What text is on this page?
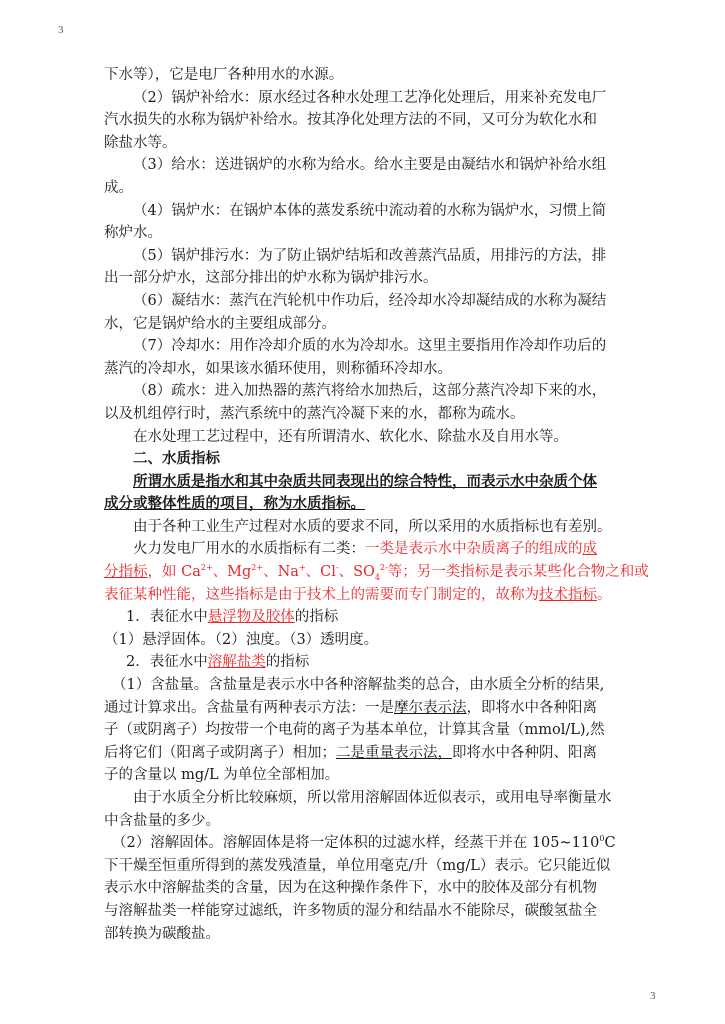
3
下水等），它是电厂各种用水的水源。
（2）锅炉补给水：原水经过各种水处理工艺净化处理后，用来补充发电厂
汽水损失的水称为锅炉补给水。按其净化处理方法的不同，又可分为软化水和
除盐水等。
（3）给水：送进锅炉的水称为给水。给水主要是由凝结水和锅炉补给水组
成。
（4）锅炉水：在锅炉本体的蒸发系统中流动着的水称为锅炉水，习惯上简
称炉水。
（5）锅炉排污水：为了防止锅炉结垢和改善蒸汽品质，用排污的方法，排
出一部分炉水，这部分排出的炉水称为锅炉排污水。
（6）凝结水：蒸汽在汽轮机中作功后，经冷却水冷却凝结成的水称为凝结
水，它是锅炉给水的主要组成部分。
（7）冷却水：用作冷却介质的水为冷却水。这里主要指用作冷却作功后的
蒸汽的冷却水，如果该水循环使用，则称循环冷却水。
（8）疏水：进入加热器的蒸汽将给水加热后，这部分蒸汽冷却下来的水，
以及机组停行时，蒸汽系统中的蒸汽冷凝下来的水，都称为疏水。
在水处理工艺过程中，还有所谓清水、软化水、除盐水及自用水等。
二、水质指标
所谓水质是指水和其中杂质共同表现出的综合特性，而表示水中杂质个体
成分或整体性质的项目，称为水质指标。
由于各种工业生产过程对水质的要求不同，所以采用的水质指标也有差别。
火力发电厂用水的水质指标有二类：一类是表示水中杂质离子的组成的成
分指标，如 $Ca^{2+}$、$Mg^{2+}$、Na+、Cl-、$SO_4^{2-}$等；另一类指标是表示某些化合物之和或
表征某种性能，这些指标是由于技术上的需要而专门制定的，故称为技术指标。
1．表征水中悬浮物及胶体的指标
（1）悬浮固体。（2）浊度。（3）透明度。
2．表征水中溶解盐类的指标
（1）含盐量。含盐量是表示水中各种溶解盐类的总合，由水质全分析的结果,
通过计算求出。含盐量有两种表示方法：一是摩尔表示法，即将水中各种阳离
子（或阴离子）均按带一个电荷的离子为基本单位，计算其含量（mmol/L),然
后将它们（阳离子或阴离子）相加；二是重量表示法，即将水中各种阴、阳离
子的含量以 mg/L 为单位全部相加。
由于水质全分析比较麻烦，所以常用溶解固体近似表示，或用电导率衡量水
中含盐量的多少。
（2）溶解固体。溶解固体是将一定体积的过滤水样，经蒸干并在 $105\sim 110^0C$
下干燥至恒重所得到的蒸发残渣量，单位用毫克/升（mg/L）表示。它只能近似
表示水中溶解盐类的含量，因为在这种操作条件下，水中的胶体及部分有机物
与溶解盐类一样能穿过滤纸，许多物质的湿分和结晶水不能除尽，碳酸氢盐全
部转换为碳酸盐。
3
